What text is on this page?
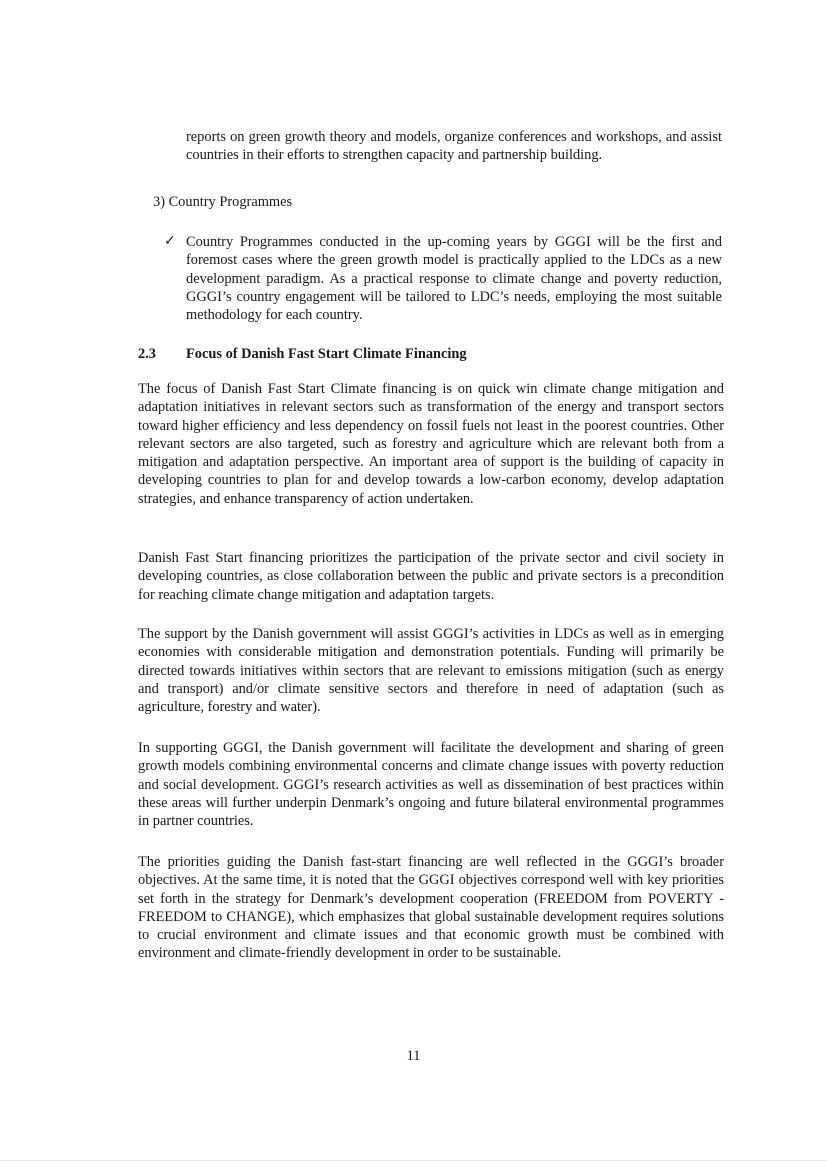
reports on green growth theory and models, organize conferences and workshops, and assist countries in their efforts to strengthen capacity and partnership building.

3) Country Programmes
✓ Country Programmes conducted in the up-coming years by GGGI will be the first and foremost cases where the green growth model is practically applied to the LDCs as a new development paradigm. As a practical response to climate change and poverty reduction, GGGI’s country engagement will be tailored to LDC’s needs, employing the most suitable methodology for each country.

2.3 Focus of Danish Fast Start Climate Financing

The focus of Danish Fast Start Climate financing is on quick win climate change mitigation and adaptation initiatives in relevant sectors such as transformation of the energy and transport sectors toward higher efficiency and less dependency on fossil fuels not least in the poorest countries. Other relevant sectors are also targeted, such as forestry and agriculture which are relevant both from a mitigation and adaptation perspective. An important area of support is the building of capacity in developing countries to plan for and develop towards a low-carbon economy, develop adaptation strategies, and enhance transparency of action undertaken.

Danish Fast Start financing prioritizes the participation of the private sector and civil society in developing countries, as close collaboration between the public and private sectors is a precondition for reaching climate change mitigation and adaptation targets.

The support by the Danish government will assist GGGI’s activities in LDCs as well as in emerging economies with considerable mitigation and demonstration potentials. Funding will primarily be directed towards initiatives within sectors that are relevant to emissions mitigation (such as energy and transport) and/or climate sensitive sectors and therefore in need of adaptation (such as agriculture, forestry and water).

In supporting GGGI, the Danish government will facilitate the development and sharing of green growth models combining environmental concerns and climate change issues with poverty reduction and social development. GGGI’s research activities as well as dissemination of best practices within these areas will further underpin Denmark’s ongoing and future bilateral environmental programmes in partner countries.

The priorities guiding the Danish fast-start financing are well reflected in the GGGI’s broader objectives. At the same time, it is noted that the GGGI objectives correspond well with key priorities set forth in the strategy for Denmark’s development cooperation (FREEDOM from POVERTY - FREEDOM to CHANGE), which emphasizes that global sustainable development requires solutions to crucial environment and climate issues and that economic growth must be combined with environment and climate-friendly development in order to be sustainable.

11
